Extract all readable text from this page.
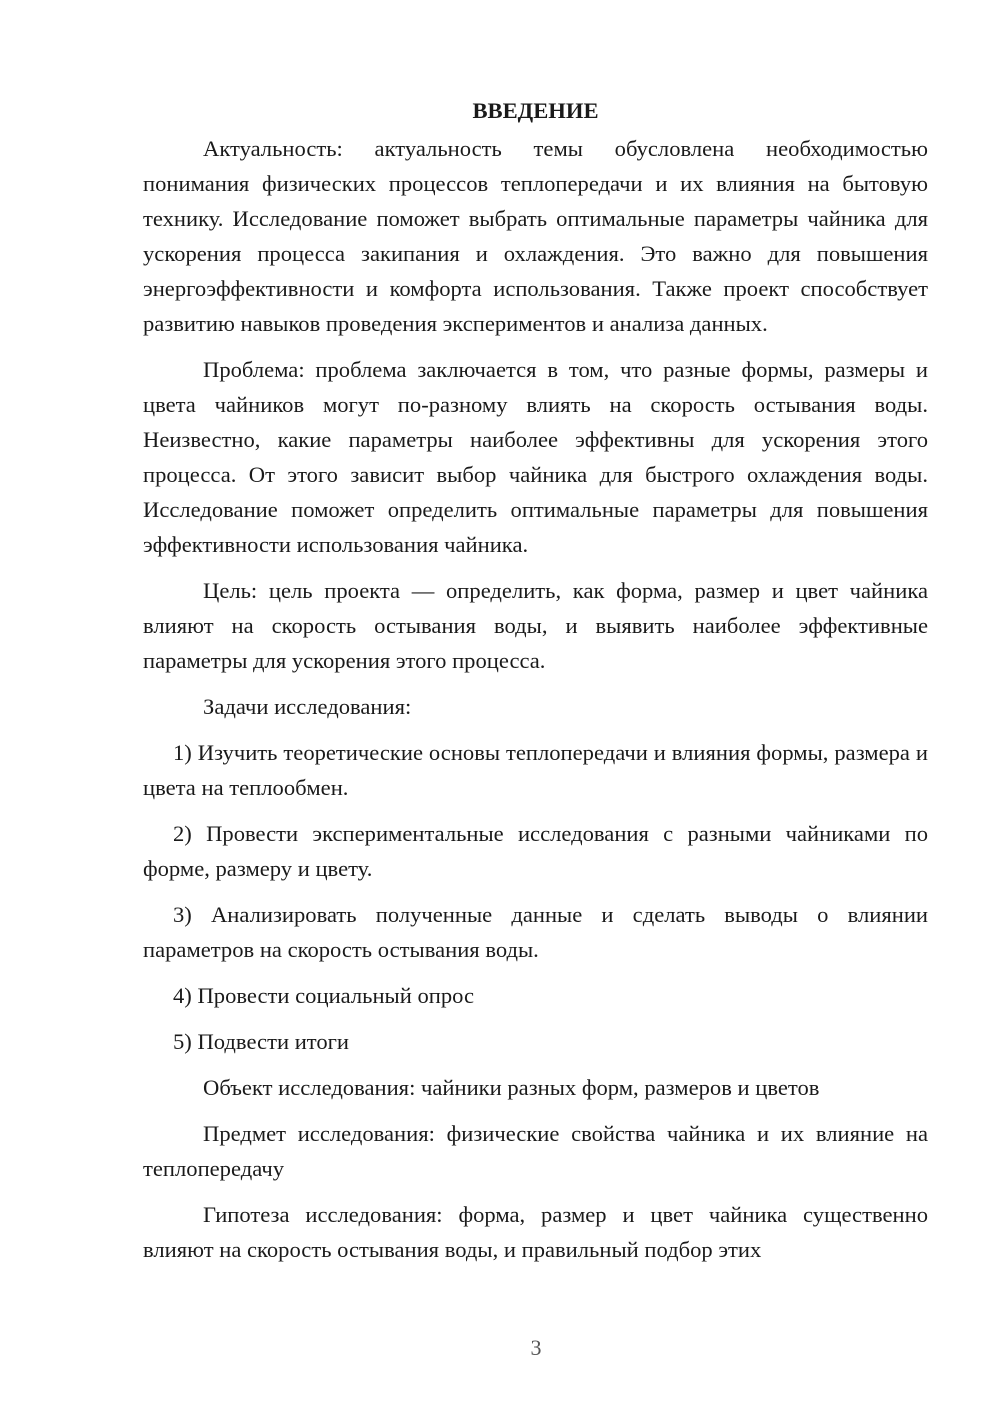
ВВЕДЕНИЕ

Актуальность: актуальность темы обусловлена необходимостью понимания физических процессов теплопередачи и их влияния на бытовую технику. Исследование поможет выбрать оптимальные параметры чайника для ускорения процесса закипания и охлаждения. Это важно для повышения энергоэффективности и комфорта использования. Также проект способствует развитию навыков проведения экспериментов и анализа данных.

Проблема: проблема заключается в том, что разные формы, размеры и цвета чайников могут по-разному влиять на скорость остывания воды. Неизвестно, какие параметры наиболее эффективны для ускорения этого процесса. От этого зависит выбор чайника для быстрого охлаждения воды. Исследование поможет определить оптимальные параметры для повышения эффективности использования чайника.

Цель: цель проекта — определить, как форма, размер и цвет чайника влияют на скорость остывания воды, и выявить наиболее эффективные параметры для ускорения этого процесса.

Задачи исследования:

1) Изучить теоретические основы теплопередачи и влияния формы, размера и цвета на теплообмен.

2) Провести экспериментальные исследования с разными чайниками по форме, размеру и цвету.

3) Анализировать полученные данные и сделать выводы о влиянии параметров на скорость остывания воды.

4) Провести социальный опрос

5) Подвести итоги

Объект исследования: чайники разных форм, размеров и цветов

Предмет исследования: физические свойства чайника и их влияние на теплопередачу

Гипотеза исследования: форма, размер и цвет чайника существенно влияют на скорость остывания воды, и правильный подбор этих

3
